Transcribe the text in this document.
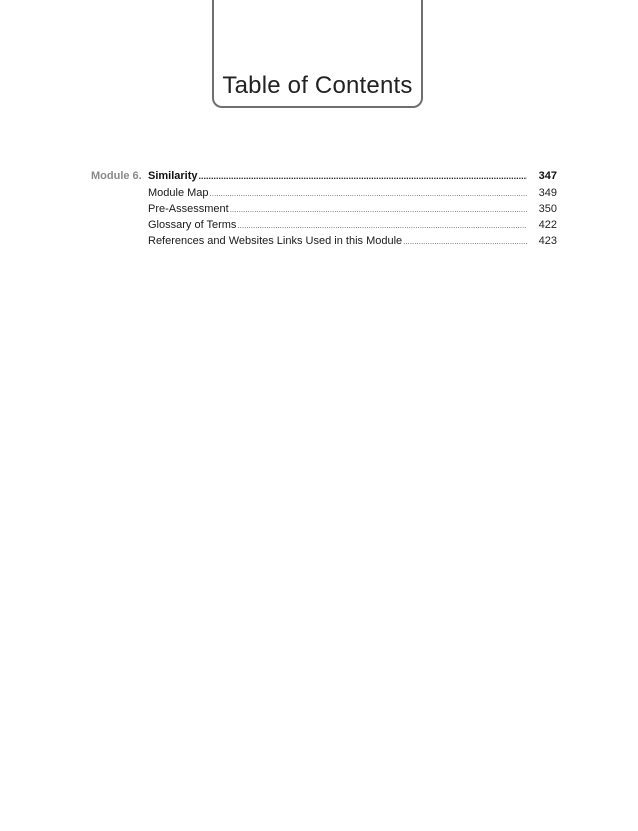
Table of Contents
Module 6. Similarity .....	347
Module Map .....	349
Pre-Assessment .....	350
Glossary of Terms .....	422
References and Websites Links Used in this Module .....	423
